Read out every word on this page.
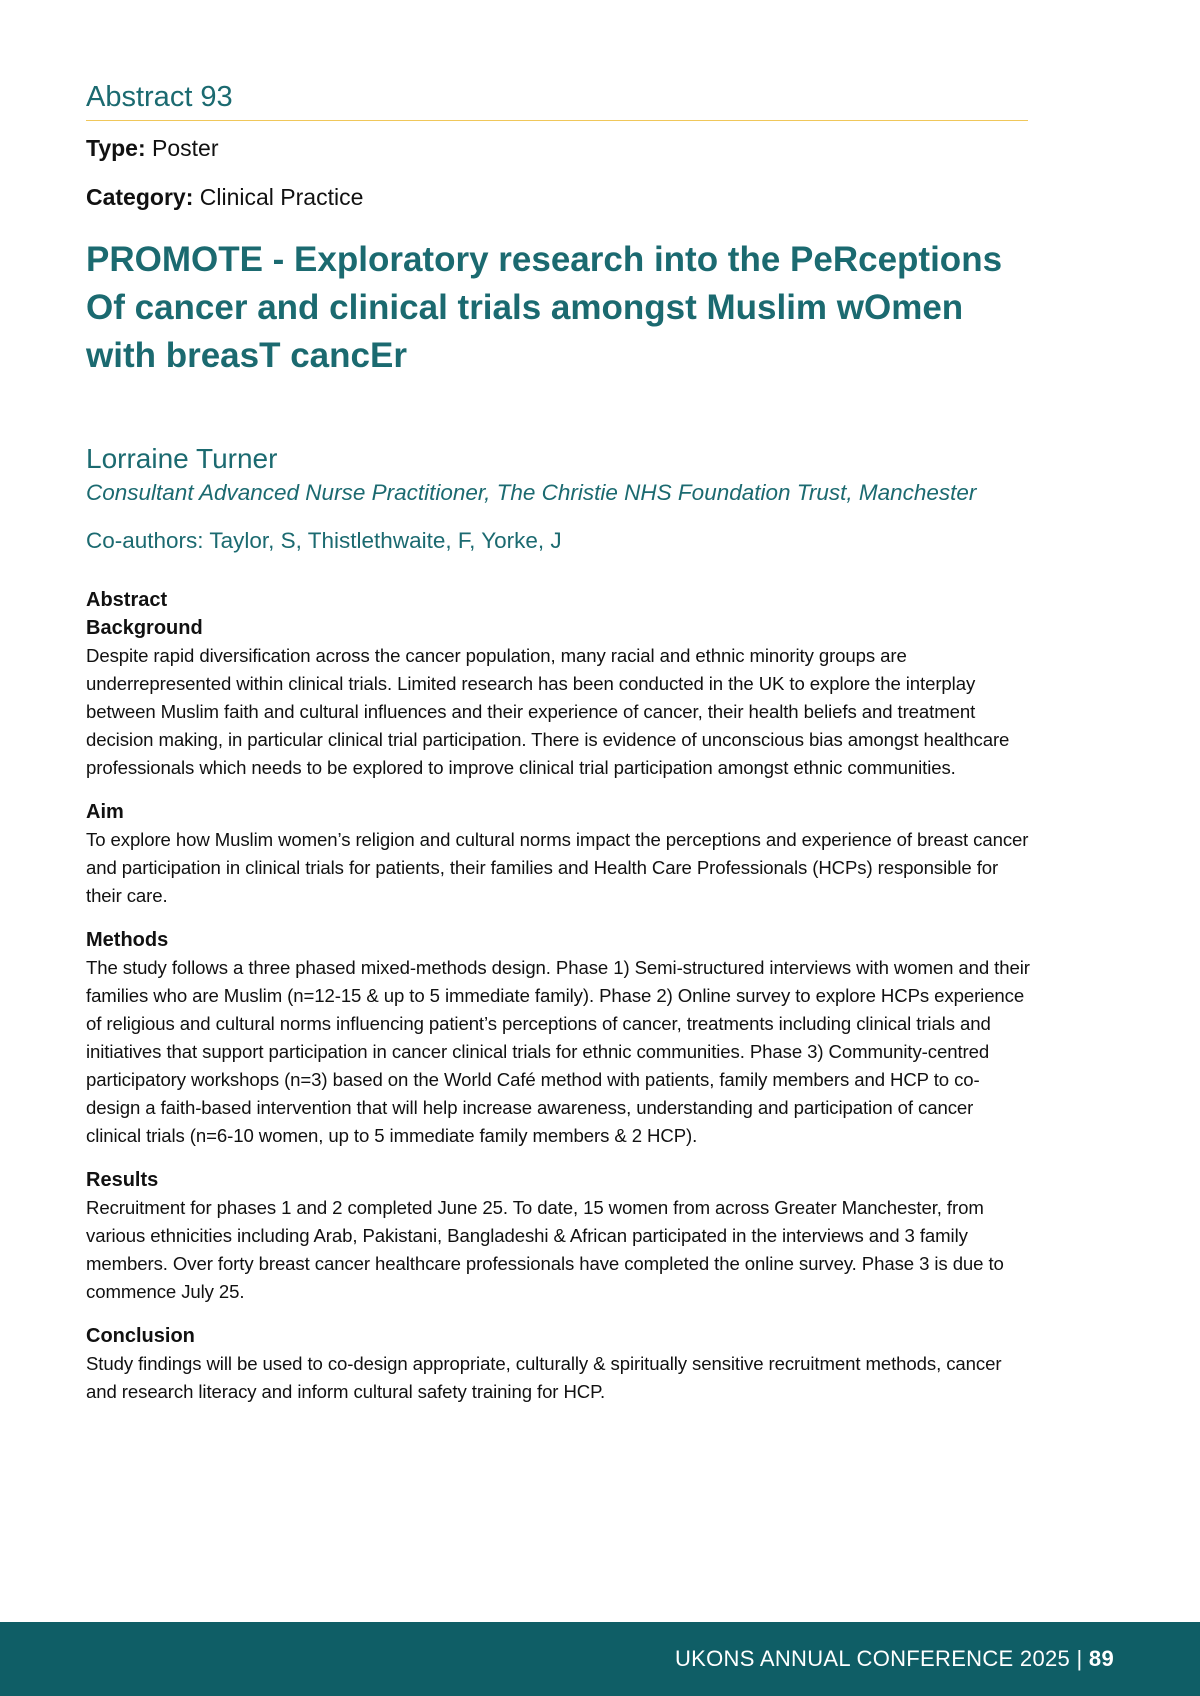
Abstract 93
Type: Poster
Category: Clinical Practice
PROMOTE - Exploratory research into the PeRceptions Of cancer and clinical trials amongst Muslim wOmen with breasT cancEr
Lorraine Turner
Consultant Advanced Nurse Practitioner, The Christie NHS Foundation Trust, Manchester
Co-authors: Taylor, S, Thistlethwaite, F, Yorke, J
Abstract
Background
Despite rapid diversification across the cancer population, many racial and ethnic minority groups are underrepresented within clinical trials. Limited research has been conducted in the UK to explore the interplay between Muslim faith and cultural influences and their experience of cancer, their health beliefs and treatment decision making, in particular clinical trial participation. There is evidence of unconscious bias amongst healthcare professionals which needs to be explored to improve clinical trial participation amongst ethnic communities.
Aim
To explore how Muslim women’s religion and cultural norms impact the perceptions and experience of breast cancer and participation in clinical trials for patients, their families and Health Care Professionals (HCPs) responsible for their care.
Methods
The study follows a three phased mixed-methods design. Phase 1) Semi-structured interviews with women and their families who are Muslim (n=12-15 & up to 5 immediate family). Phase 2) Online survey to explore HCPs experience of religious and cultural norms influencing patient’s perceptions of cancer, treatments including clinical trials and initiatives that support participation in cancer clinical trials for ethnic communities. Phase 3) Community-centred participatory workshops (n=3) based on the World Café method with patients, family members and HCP to co-design a faith-based intervention that will help increase awareness, understanding and participation of cancer clinical trials (n=6-10 women, up to 5 immediate family members & 2 HCP).
Results
Recruitment for phases 1 and 2 completed June 25. To date, 15 women from across Greater Manchester, from various ethnicities including Arab, Pakistani, Bangladeshi & African participated in the interviews and 3 family members. Over forty breast cancer healthcare professionals have completed the online survey. Phase 3 is due to commence July 25.
Conclusion
Study findings will be used to co-design appropriate, culturally & spiritually sensitive recruitment methods, cancer and research literacy and inform cultural safety training for HCP.
UKONS ANNUAL CONFERENCE 2025 | 89
